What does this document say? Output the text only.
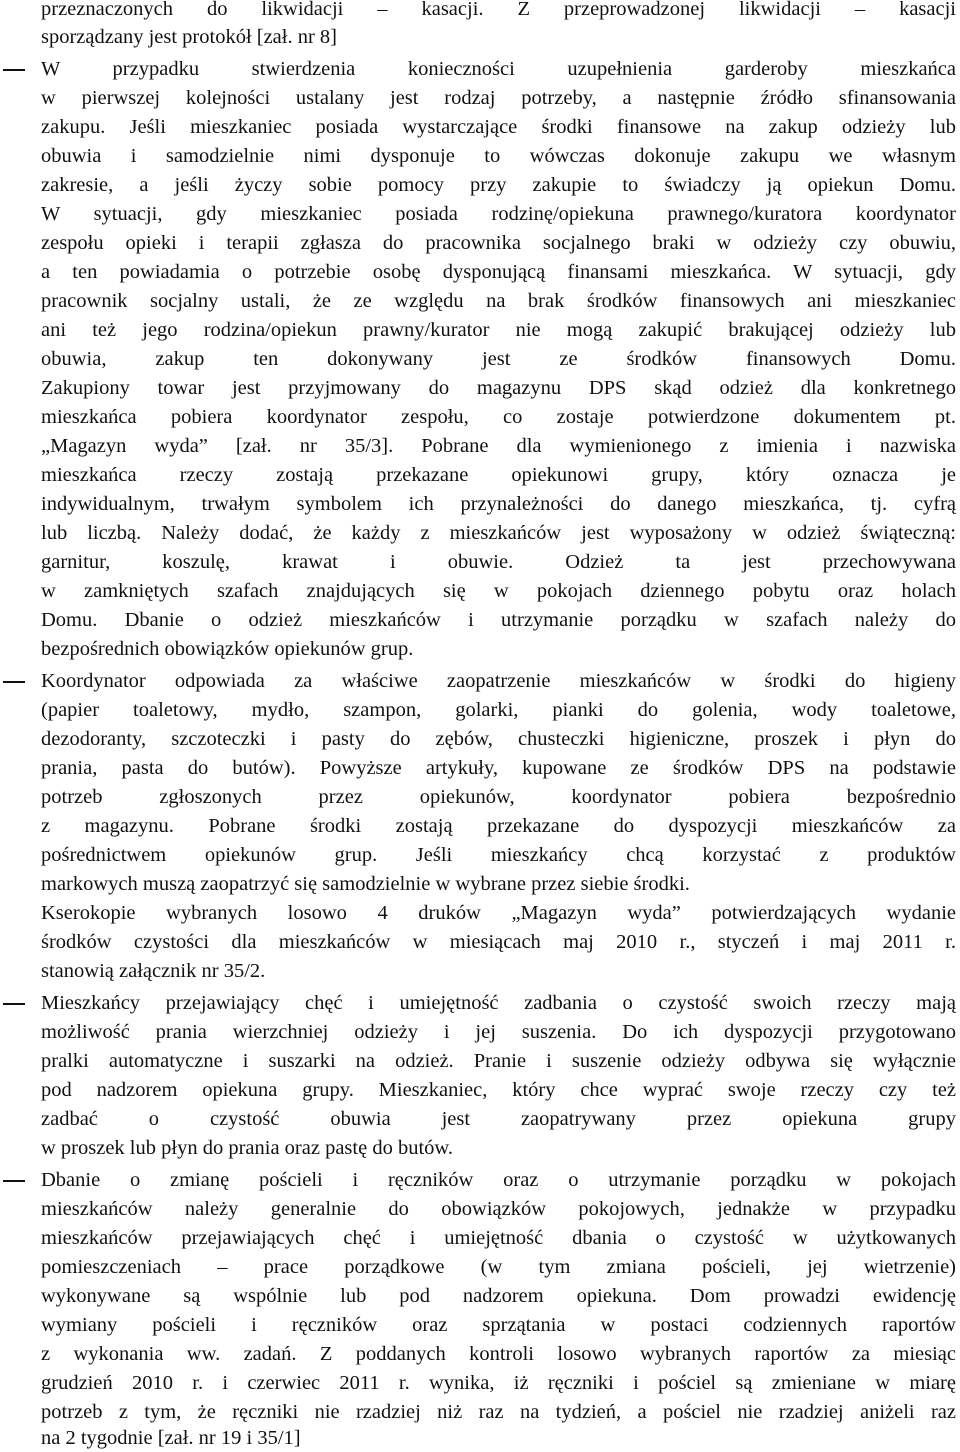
przeznaczonych do likwidacji – kasacji. Z przeprowadzonej likwidacji – kasacji
sporządzany jest protokół [zał. nr 8]
W przypadku stwierdzenia konieczności uzupełnienia garderoby mieszkańca
w pierwszej kolejności ustalany jest rodzaj potrzeby, a następnie źródło sfinansowania
zakupu. Jeśli mieszkaniec posiada wystarczające środki finansowe na zakup odzieży lub
obuwia i samodzielnie nimi dysponuje to wówczas dokonuje zakupu we własnym
zakresie, a jeśli życzy sobie pomocy przy zakupie to świadczy ją opiekun Domu.
W sytuacji, gdy mieszkaniec posiada rodzinę/opiekuna prawnego/kuratora koordynator
zespołu opieki i terapii zgłasza do pracownika socjalnego braki w odzieży czy obuwiu,
a ten powiadamia o potrzebie osobę dysponującą finansami mieszkańca. W sytuacji, gdy
pracownik socjalny ustali, że ze względu na brak środków finansowych ani mieszkaniec
ani też jego rodzina/opiekun prawny/kurator nie mogą zakupić brakującej odzieży lub
obuwia, zakup ten dokonywany jest ze środków finansowych Domu.
Zakupiony towar jest przyjmowany do magazynu DPS skąd odzież dla konkretnego
mieszkańca pobiera koordynator zespołu, co zostaje potwierdzone dokumentem pt.
„Magazyn wyda” [zał. nr 35/3]. Pobrane dla wymienionego z imienia i nazwiska
mieszkańca rzeczy zostają przekazane opiekunowi grupy, który oznacza je
indywidualnym, trwałym symbolem ich przynależności do danego mieszkańca, tj. cyfrą
lub liczbą. Należy dodać, że każdy z mieszkańców jest wyposażony w odzież świąteczną:
garnitur, koszulę, krawat i obuwie. Odzież ta jest przechowywana
w zamkniętych szafach znajdujących się w pokojach dziennego pobytu oraz holach
Domu. Dbanie o odzież mieszkańców i utrzymanie porządku w szafach należy do
bezpośrednich obowiązków opiekunów grup.
Koordynator odpowiada za właściwe zaopatrzenie mieszkańców w środki do higieny
(papier toaletowy, mydło, szampon, golarki, pianki do golenia, wody toaletowe,
dezodoranty, szczoteczki i pasty do zębów, chusteczki higieniczne, proszek i płyn do
prania, pasta do butów). Powyższe artykuły, kupowane ze środków DPS na podstawie
potrzeb zgłoszonych przez opiekunów, koordynator pobiera bezpośrednio
z magazynu. Pobrane środki zostają przekazane do dyspozycji mieszkańców za
pośrednictwem opiekunów grup. Jeśli mieszkańcy chcą korzystać z produktów
markowych muszą zaopatrzyć się samodzielnie w wybrane przez siebie środki.
Kserokopie wybranych losowo 4 druków „Magazyn wyda” potwierdzających wydanie
środków czystości dla mieszkańców w miesiącach maj 2010 r., styczeń i maj 2011 r.
stanowią załącznik nr 35/2.
Mieszkańcy przejawiający chęć i umiejętność zadbania o czystość swoich rzeczy mają
możliwość prania wierzchniej odzieży i jej suszenia. Do ich dyspozycji przygotowano
pralki automatyczne i suszarki na odzież. Pranie i suszenie odzieży odbywa się wyłącznie
pod nadzorem opiekuna grupy. Mieszkaniec, który chce wyprać swoje rzeczy czy też
zadbać o czystość obuwia jest zaopatrywany przez opiekuna grupy
w proszek lub płyn do prania oraz pastę do butów.
Dbanie o zmianę pościeli i ręczników oraz o utrzymanie porządku w pokojach
mieszkańców należy generalnie do obowiązków pokojowych, jednakże w przypadku
mieszkańców przejawiających chęć i umiejętność dbania o czystość w użytkowanych
pomieszczeniach – prace porządkowe (w tym zmiana pościeli, jej wietrzenie)
wykonywane są wspólnie lub pod nadzorem opiekuna. Dom prowadzi ewidencję
wymiany pościeli i ręczników oraz sprzątania w postaci codziennych raportów
z wykonania ww. zadań. Z poddanych kontroli losowo wybranych raportów za miesiąc
grudzień 2010 r. i czerwiec 2011 r. wynika, iż ręczniki i pościel są zmieniane w miarę
potrzeb z tym, że ręczniki nie rzadziej niż raz na tydzień, a pościel nie rzadziej aniżeli raz
na 2 tygodnie [zał. nr 19 i 35/1]
